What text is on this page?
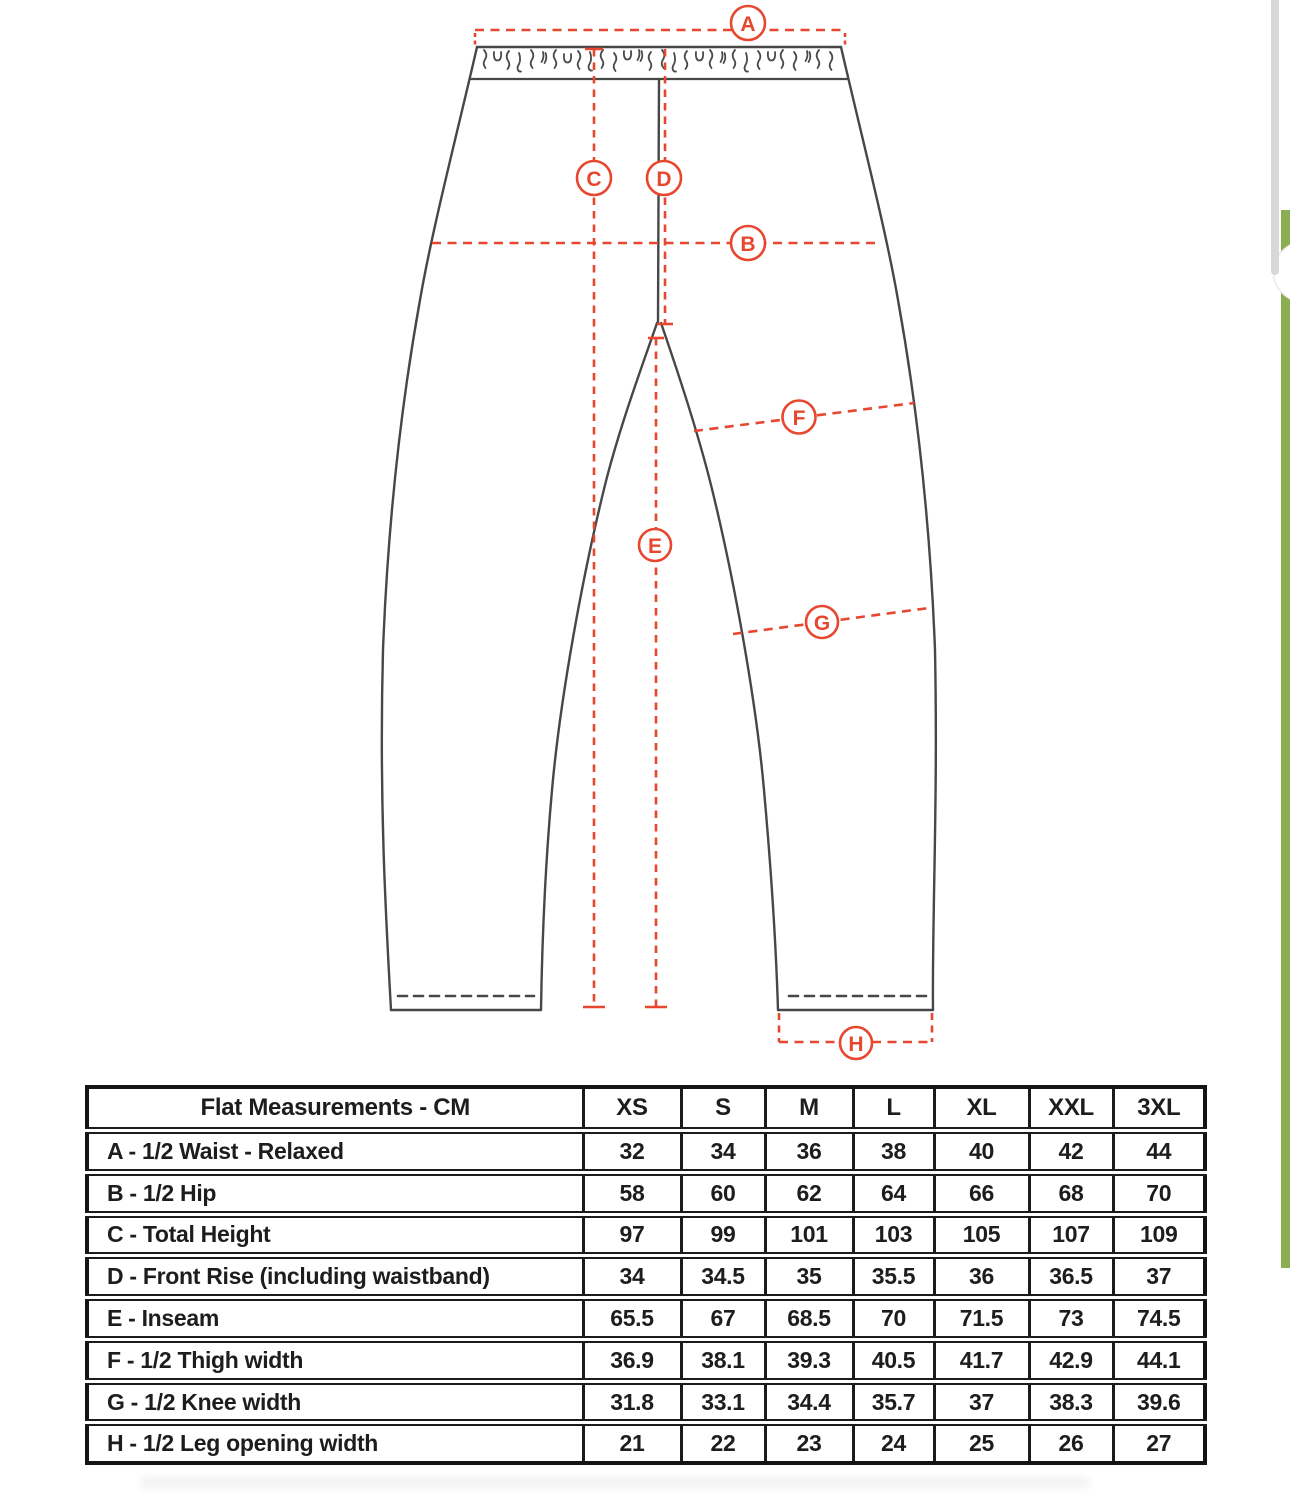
A
B
C	D
E
F
G
H
Flat Measurements - CM	XS	S	M	L	XL	XXL	3XL
A - 1/2 Waist - Relaxed	32	34	36	38	40	42	44
B - 1/2 Hip	58	60	62	64	66	68	70
C - Total Height	97	99	101	103	105	107	109
D - Front Rise (including waistband)	34	34.5	35	35.5	36	36.5	37
E - Inseam	65.5	67	68.5	70	71.5	73	74.5
F - 1/2 Thigh width	36.9	38.1	39.3	40.5	41.7	42.9	44.1
G - 1/2 Knee width	31.8	33.1	34.4	35.7	37	38.3	39.6
H - 1/2 Leg opening width	21	22	23	24	25	26	27
